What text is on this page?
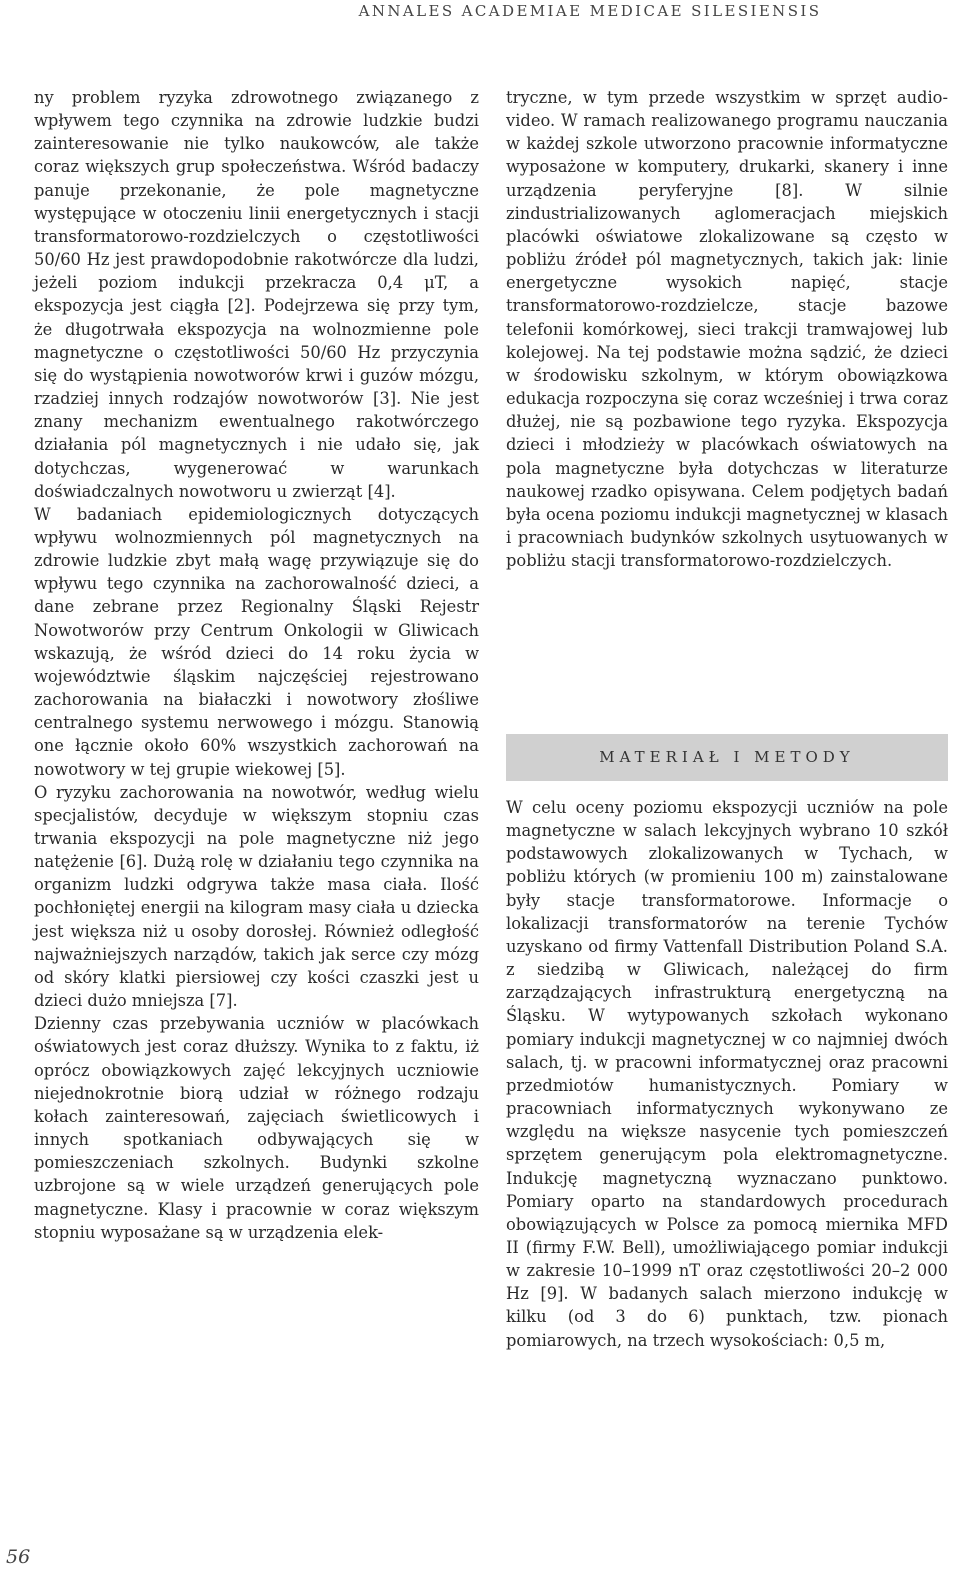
ANNALES ACADEMIAE MEDICAE SILESIENSIS

ny problem ryzyka zdrowotnego związanego z wpływem tego czynnika na zdrowie ludzkie budzi zainteresowanie nie tylko naukowców, ale także coraz większych grup społeczeństwa. Wśród badaczy panuje przekonanie, że pole magnetyczne występujące w otoczeniu linii energetycznych i stacji transformatorowo-rozdzielczych o częstotliwości 50/60 Hz jest prawdopodobnie rakotwórcze dla ludzi, jeżeli poziom indukcji przekracza 0,4 μT, a ekspozycja jest ciągła [2]. Podejrzewa się przy tym, że długotrwała ekspozycja na wolnozmienne pole magnetyczne o częstotliwości 50/60 Hz przyczynia się do wystąpienia nowotworów krwi i guzów mózgu, rzadziej innych rodzajów nowotworów [3]. Nie jest znany mechanizm ewentualnego rakotwórczego działania pól magnetycznych i nie udało się, jak dotychczas, wygenerować w warunkach doświadczalnych nowotworu u zwierząt [4].

W badaniach epidemiologicznych dotyczących wpływu wolnozmiennych pól magnetycznych na zdrowie ludzkie zbyt małą wagę przywiązuje się do wpływu tego czynnika na zachorowalność dzieci, a dane zebrane przez Regionalny Śląski Rejestr Nowotworów przy Centrum Onkologii w Gliwicach wskazują, że wśród dzieci do 14 roku życia w województwie śląskim najczęściej rejestrowano zachorowania na białaczki i nowotwory złośliwe centralnego systemu nerwowego i mózgu. Stanowią one łącznie około 60% wszystkich zachorowań na nowotwory w tej grupie wiekowej [5].

O ryzyku zachorowania na nowotwór, według wielu specjalistów, decyduje w większym stopniu czas trwania ekspozycji na pole magnetyczne niż jego natężenie [6]. Dużą rolę w działaniu tego czynnika na organizm ludzki odgrywa także masa ciała. Ilość pochłoniętej energii na kilogram masy ciała u dziecka jest większa niż u osoby dorosłej. Również odległość najważniejszych narządów, takich jak serce czy mózg od skóry klatki piersiowej czy kości czaszki jest u dzieci dużo mniejsza [7].

Dzienny czas przebywania uczniów w placówkach oświatowych jest coraz dłuższy. Wynika to z faktu, iż oprócz obowiązkowych zajęć lekcyjnych uczniowie niejednokrotnie biorą udział w różnego rodzaju kołach zainteresowań, zajęciach świetlicowych i innych spotkaniach odbywających się w pomieszczeniach szkolnych. Budynki szkolne uzbrojone są w wiele urządzeń generujących pole magnetyczne. Klasy i pracownie w coraz większym stopniu wyposażane są w urządzenia elek-

tryczne, w tym przede wszystkim w sprzęt audio-video. W ramach realizowanego programu nauczania w każdej szkole utworzono pracownie informatyczne wyposażone w komputery, drukarki, skanery i inne urządzenia peryferyjne [8]. W silnie zindustrializowanych aglomeracjach miejskich placówki oświatowe zlokalizowane są często w pobliżu źródeł pól magnetycznych, takich jak: linie energetyczne wysokich napięć, stacje transformatorowo-rozdzielcze, stacje bazowe telefonii komórkowej, sieci trakcji tramwajowej lub kolejowej. Na tej podstawie można sądzić, że dzieci w środowisku szkolnym, w którym obowiązkowa edukacja rozpoczyna się coraz wcześniej i trwa coraz dłużej, nie są pozbawione tego ryzyka. Ekspozycja dzieci i młodzieży w placówkach oświatowych na pola magnetyczne była dotychczas w literaturze naukowej rzadko opisywana. Celem podjętych badań była ocena poziomu indukcji magnetycznej w klasach i pracowniach budynków szkolnych usytuowanych w pobliżu stacji transformatorowo-rozdzielczych.

MATERIAŁ I METODY

W celu oceny poziomu ekspozycji uczniów na pole magnetyczne w salach lekcyjnych wybrano 10 szkół podstawowych zlokalizowanych w Tychach, w pobliżu których (w promieniu 100 m) zainstalowane były stacje transformatorowe. Informacje o lokalizacji transformatorów na terenie Tychów uzyskano od firmy Vattenfall Distribution Poland S.A. z siedzibą w Gliwicach, należącej do firm zarządzających infrastrukturą energetyczną na Śląsku. W wytypowanych szkołach wykonano pomiary indukcji magnetycznej w co najmniej dwóch salach, tj. w pracowni informatycznej oraz pracowni przedmiotów humanistycznych. Pomiary w pracowniach informatycznych wykonywano ze względu na większe nasycenie tych pomieszczeń sprzętem generującym pola elektromagnetyczne. Indukcję magnetyczną wyznaczano punktowo. Pomiary oparto na standardowych procedurach obowiązujących w Polsce za pomocą miernika MFD II (firmy F.W. Bell), umożliwiającego pomiar indukcji w zakresie 10–1999 nT oraz częstotliwości 20–2 000 Hz [9]. W badanych salach mierzono indukcję w kilku (od 3 do 6) punktach, tzw. pionach pomiarowych, na trzech wysokościach: 0,5 m,

56
